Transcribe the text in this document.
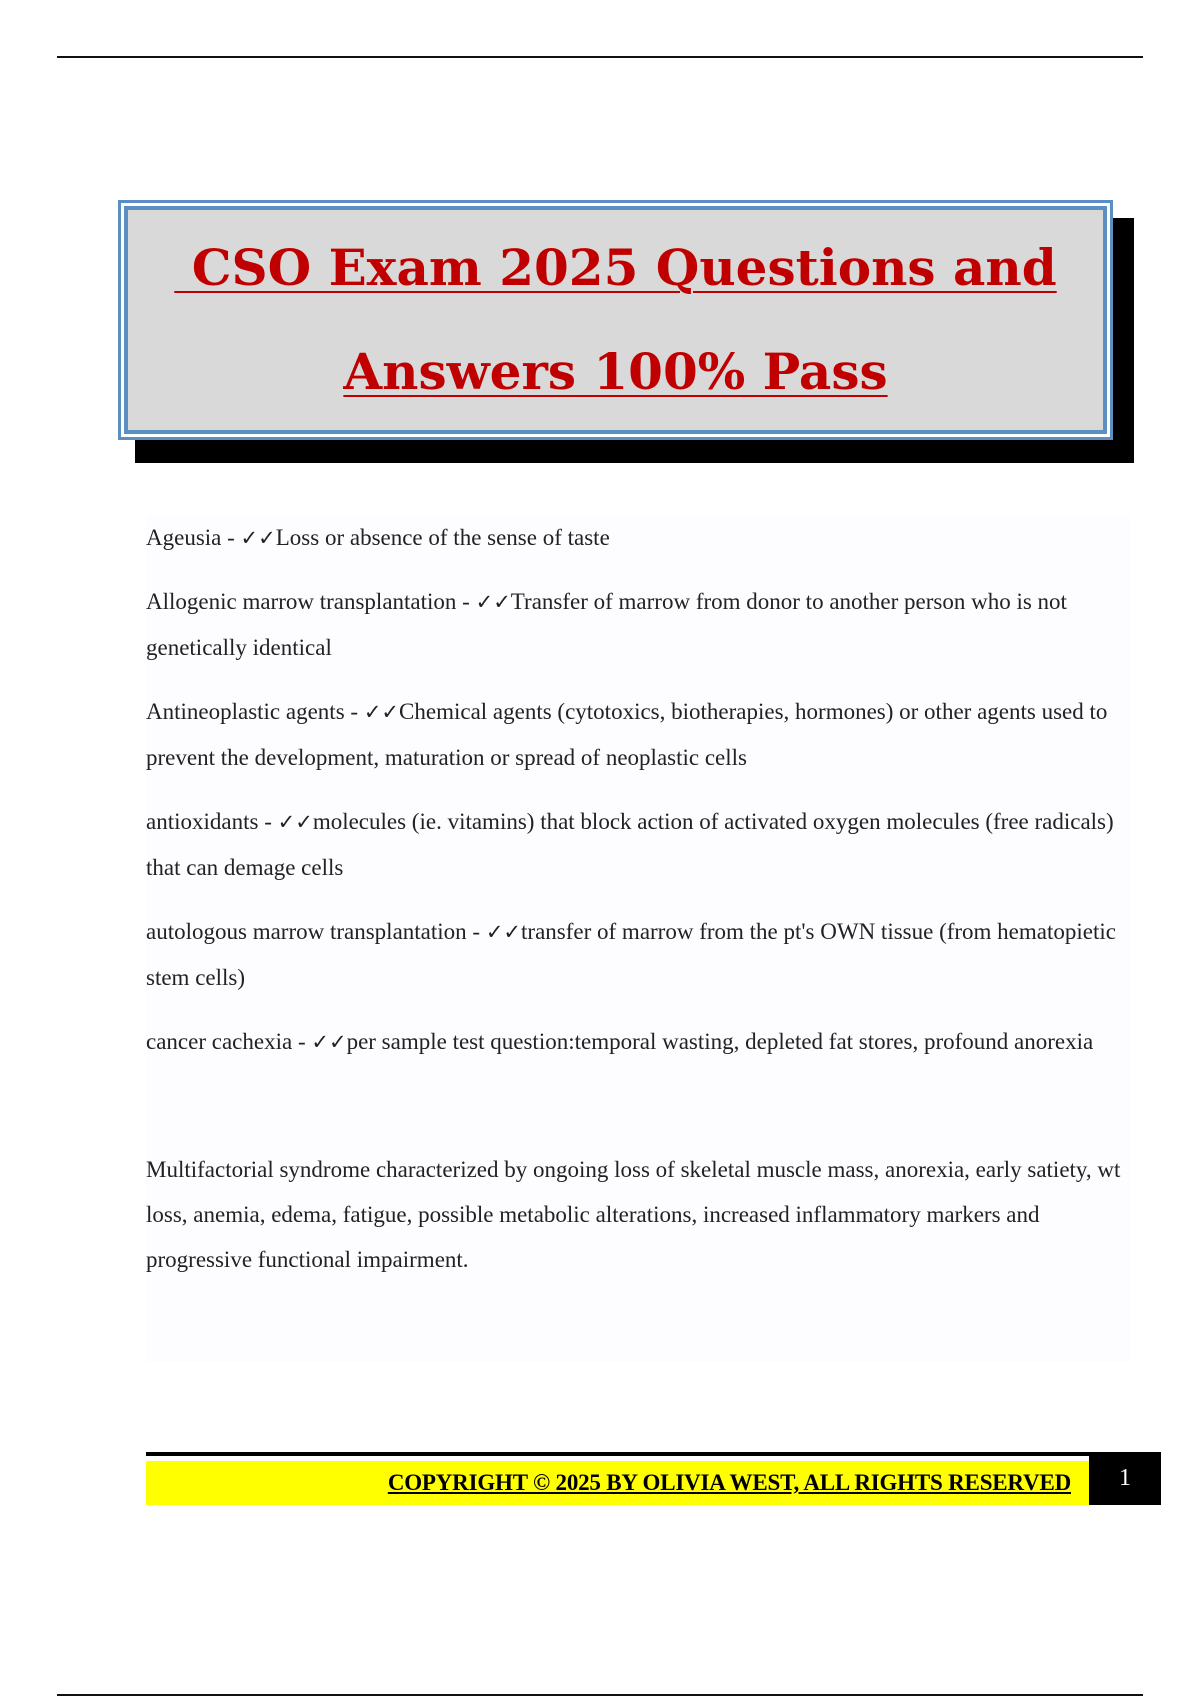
CSO Exam 2025 Questions and
Answers 100% Pass
Ageusia - ✓✓Loss or absence of the sense of taste
Allogenic marrow transplantation - ✓✓Transfer of marrow from donor to another person who is not genetically identical
Antineoplastic agents - ✓✓Chemical agents (cytotoxics, biotherapies, hormones) or other agents used to prevent the development, maturation or spread of neoplastic cells
antioxidants - ✓✓molecules (ie. vitamins) that block action of activated oxygen molecules (free radicals) that can demage cells
autologous marrow transplantation - ✓✓transfer of marrow from the pt's OWN tissue (from hematopietic stem cells)
cancer cachexia - ✓✓per sample test question:temporal wasting, depleted fat stores, profound anorexia
Multifactorial syndrome characterized by ongoing loss of skeletal muscle mass, anorexia, early satiety, wt loss, anemia, edema, fatigue, possible metabolic alterations, increased inflammatory markers and progressive functional impairment.
COPYRIGHT © 2025 BY OLIVIA WEST, ALL RIGHTS RESERVED	1
